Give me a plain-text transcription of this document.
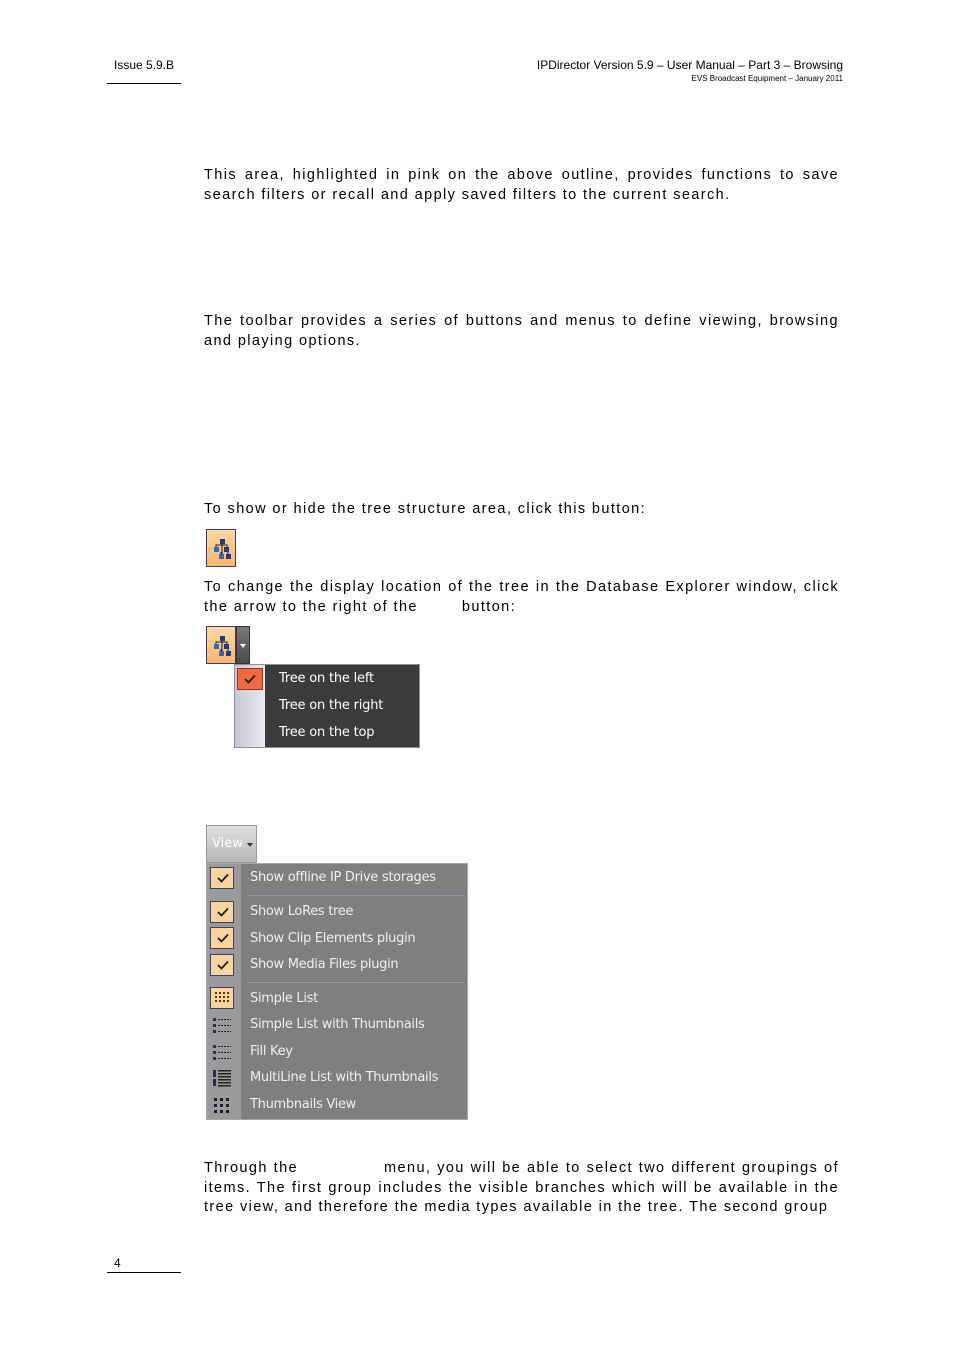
Issue 5.9.B	IPDirector Version 5.9 – User Manual – Part 3 – Browsing
EVS Broadcast Equipment – January 2011
This area, highlighted in pink on the above outline, provides functions to save search filters or recall and apply saved filters to the current search.
The toolbar provides a series of buttons and menus to define viewing, browsing and playing options.
To show or hide the tree structure area, click this button:
To change the display location of the tree in the Database Explorer window, click the arrow to the right of the	button:
Tree on the left
Tree on the right
Tree on the top
View
Show offline IP Drive storages
Show LoRes tree
Show Clip Elements plugin
Show Media Files plugin
Simple List
Simple List with Thumbnails
Fill Key
MultiLine List with Thumbnails
Thumbnails View
Through the	menu, you will be able to select two different groupings of items. The first group includes the visible branches which will be available in the tree view, and therefore the media types available in the tree. The second group
4
